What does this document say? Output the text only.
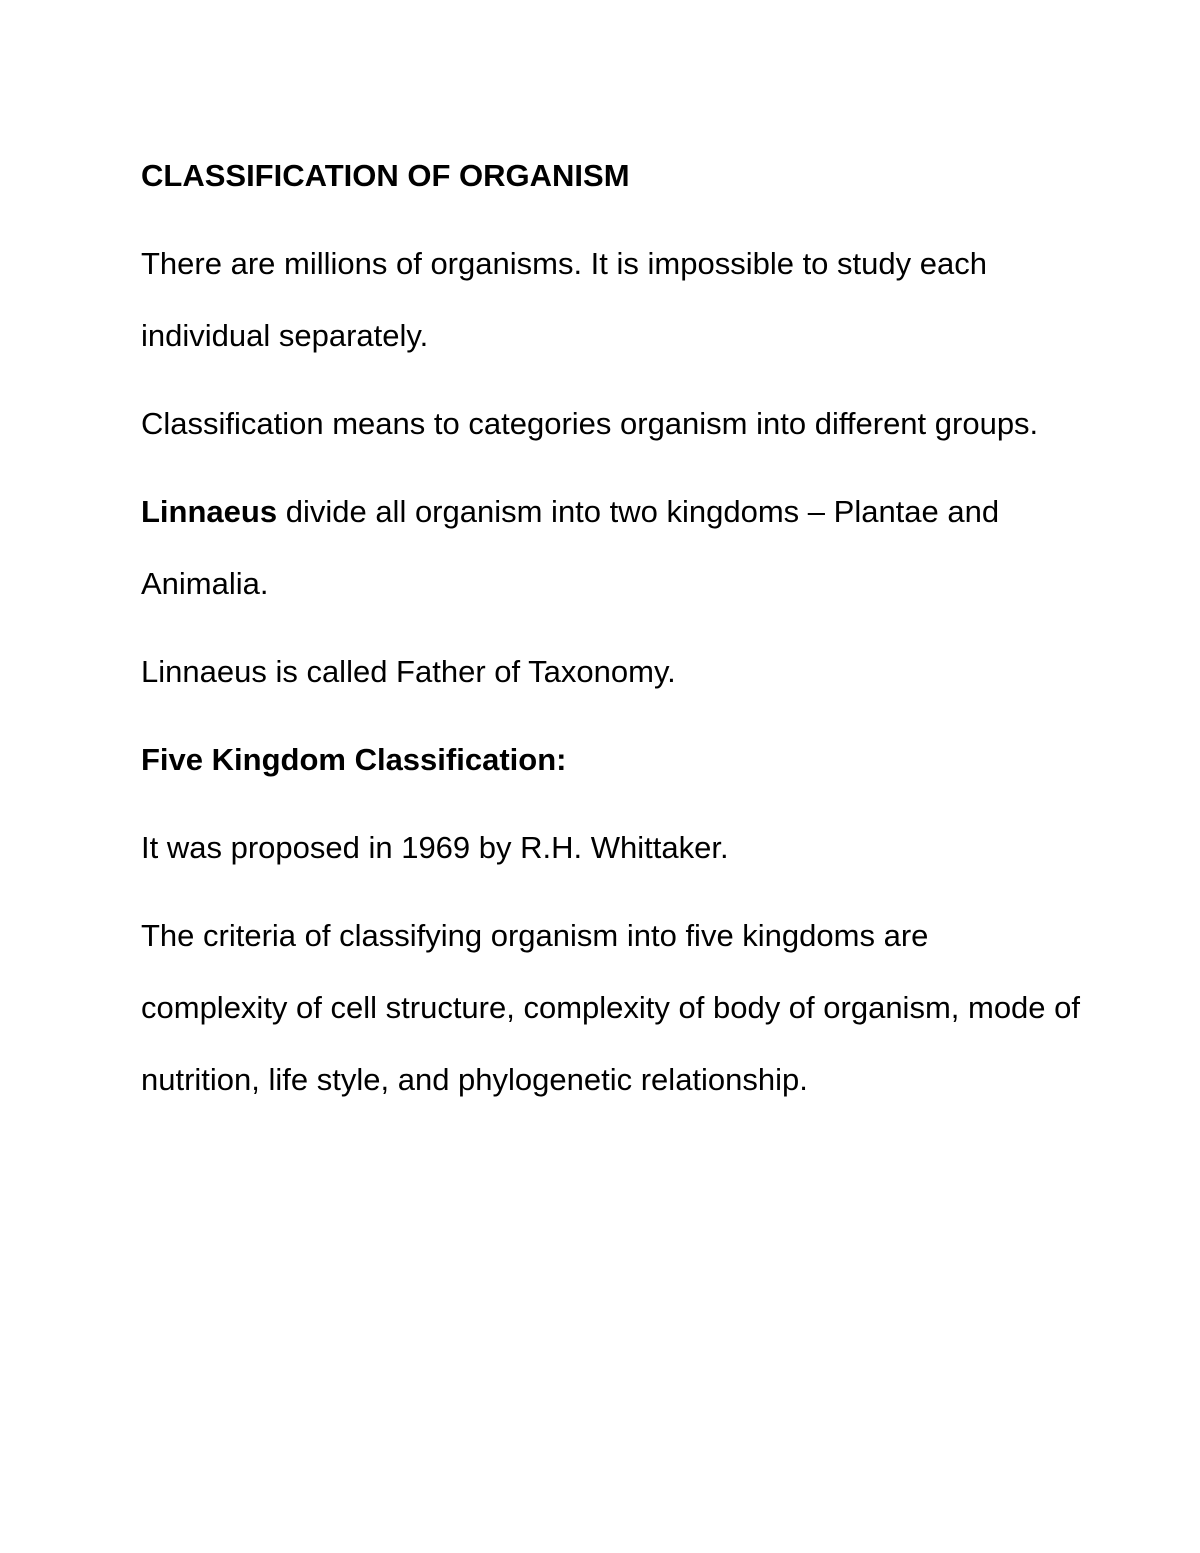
CLASSIFICATION OF ORGANISM

There are millions of organisms. It is impossible to study each individual separately.

Classification means to categories organism into different groups.

Linnaeus divide all organism into two kingdoms – Plantae and Animalia.

Linnaeus is called Father of Taxonomy.

Five Kingdom Classification:

It was proposed in 1969 by R.H. Whittaker.

The criteria of classifying organism into five kingdoms are complexity of cell structure, complexity of body of organism, mode of nutrition, life style, and phylogenetic relationship.
